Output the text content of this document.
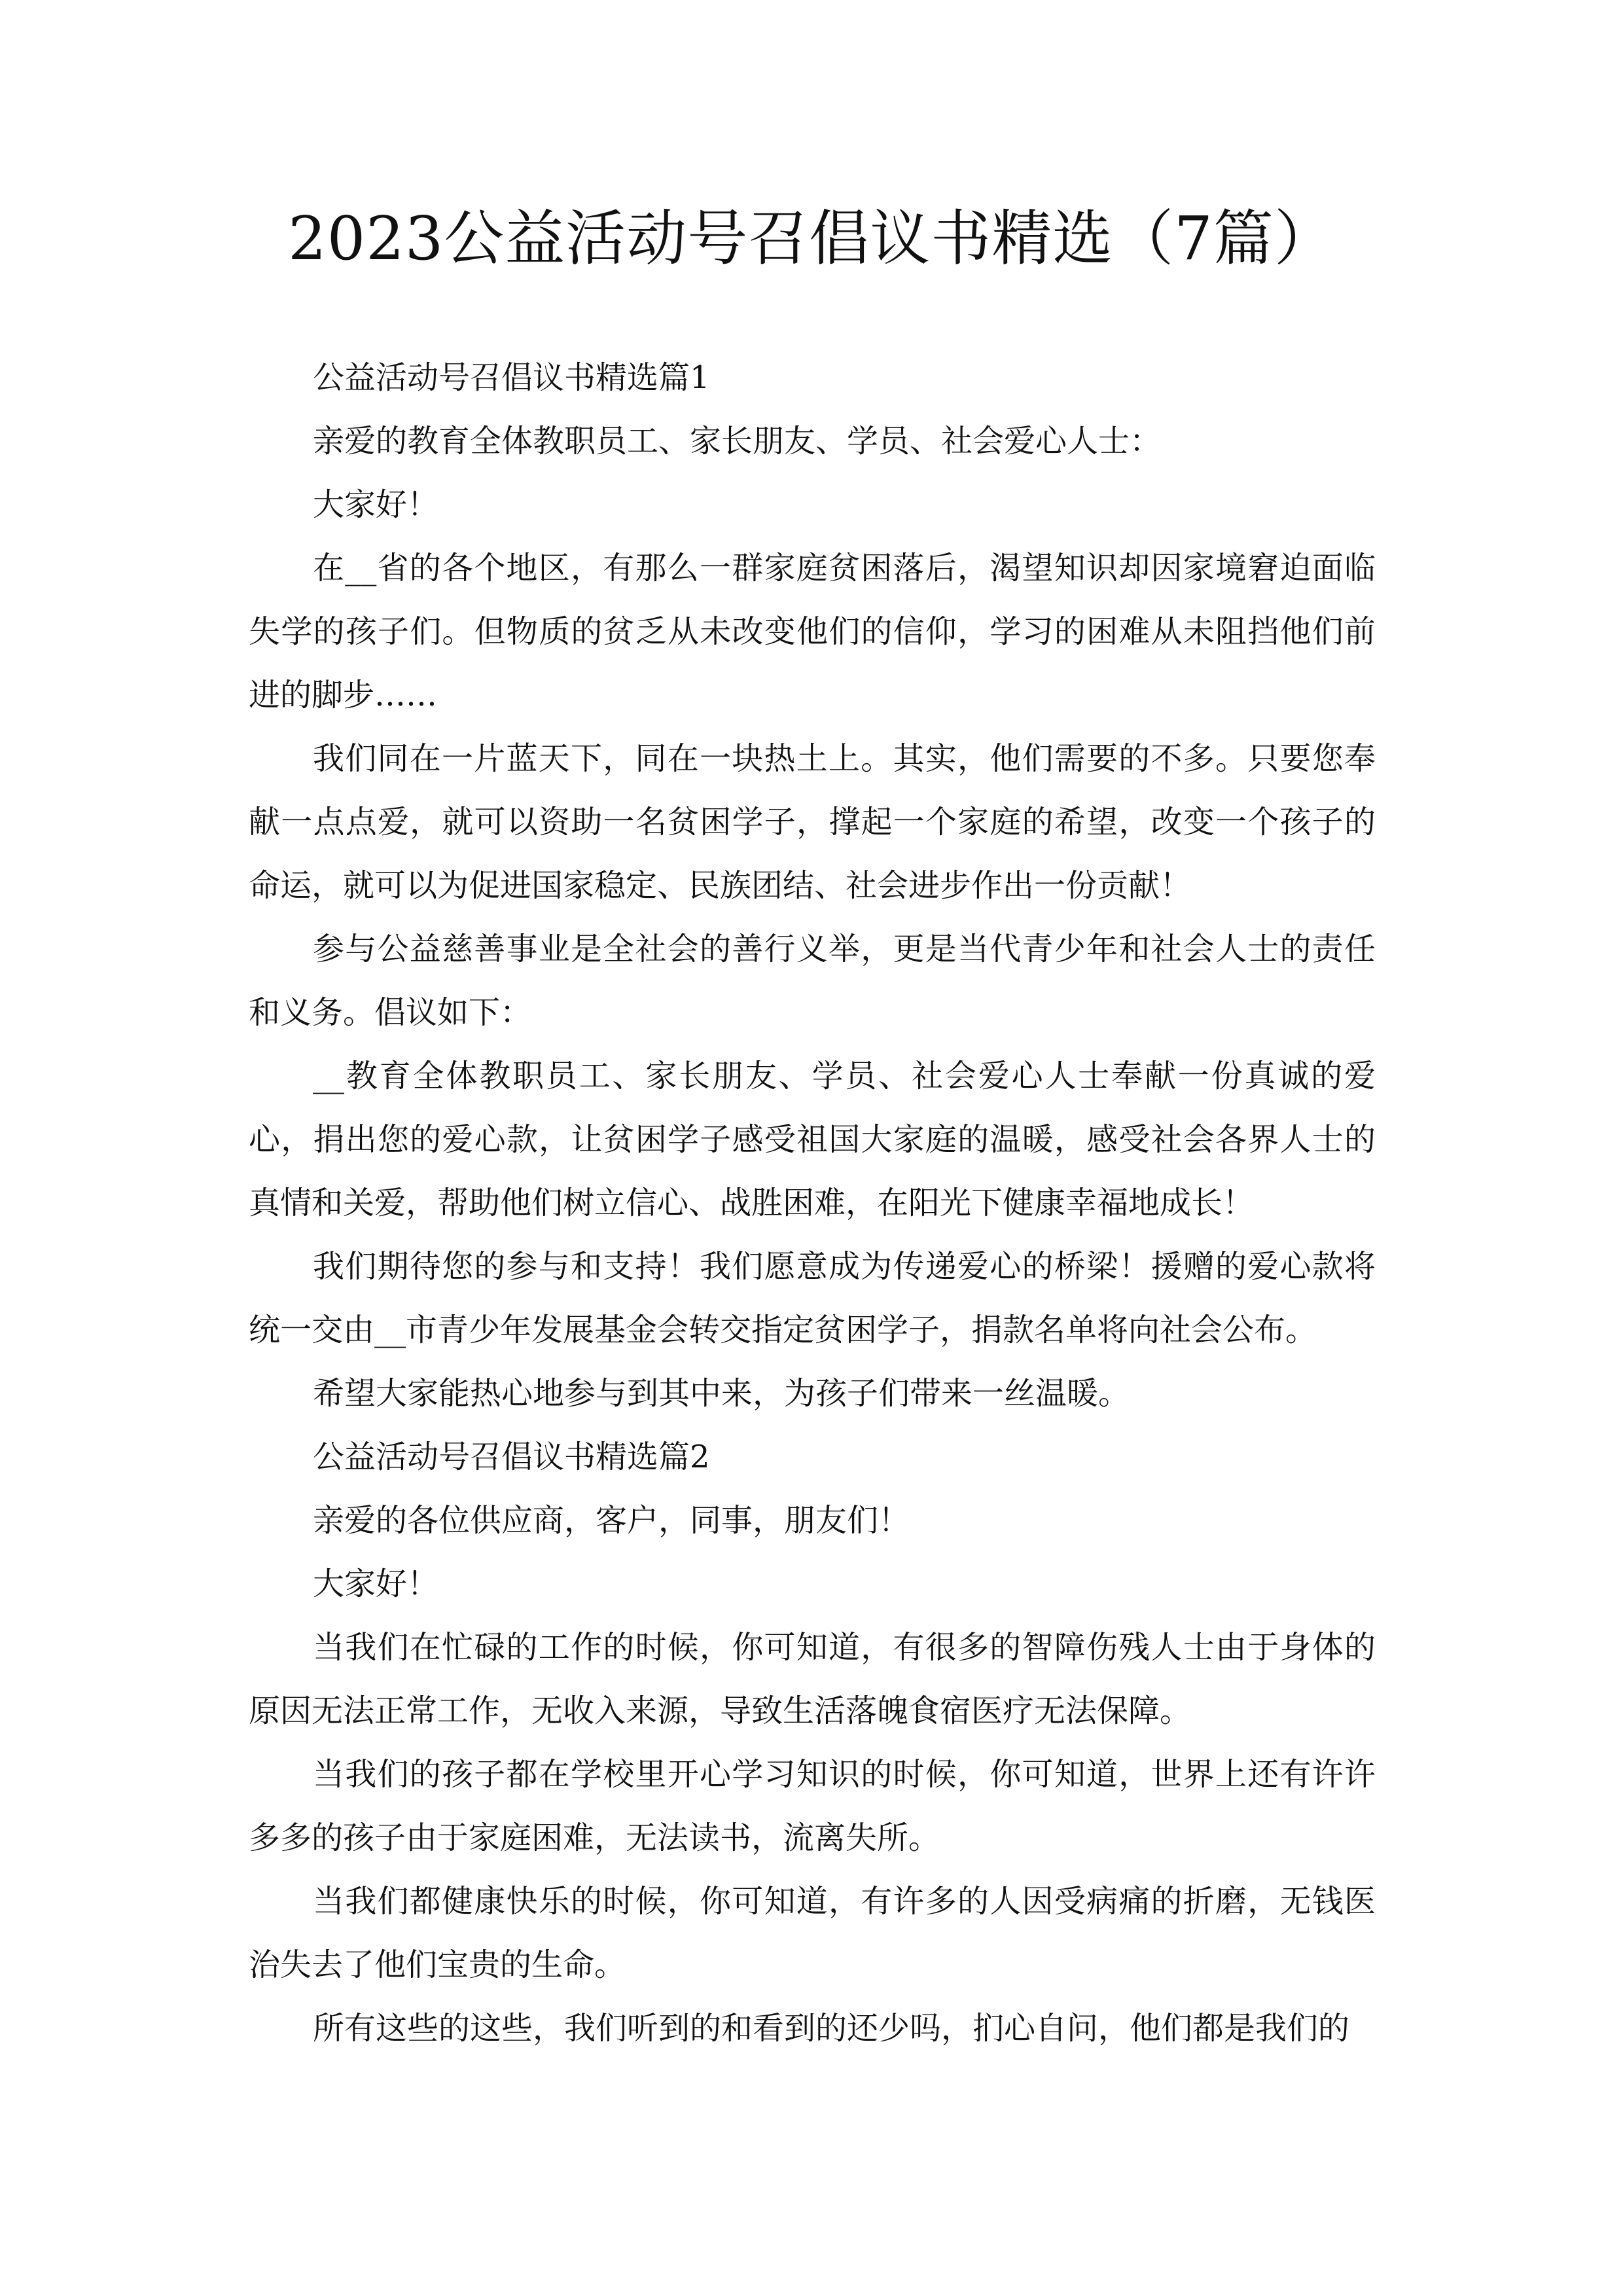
2023公益活动号召倡议书精选（7篇）

公益活动号召倡议书精选篇1

亲爱的教育全体教职员工、家长朋友、学员、社会爱心人士：

大家好！

在__省的各个地区，有那么一群家庭贫困落后，渴望知识却因家境窘迫面临失学的孩子们。但物质的贫乏从未改变他们的信仰，学习的困难从未阻挡他们前进的脚步……

我们同在一片蓝天下，同在一块热土上。其实，他们需要的不多。只要您奉献一点点爱，就可以资助一名贫困学子，撑起一个家庭的希望，改变一个孩子的命运，就可以为促进国家稳定、民族团结、社会进步作出一份贡献！

参与公益慈善事业是全社会的善行义举，更是当代青少年和社会人士的责任和义务。倡议如下：

__教育全体教职员工、家长朋友、学员、社会爱心人士奉献一份真诚的爱心，捐出您的爱心款，让贫困学子感受祖国大家庭的温暖，感受社会各界人士的真情和关爱，帮助他们树立信心、战胜困难，在阳光下健康幸福地成长！

我们期待您的参与和支持！我们愿意成为传递爱心的桥梁！援赠的爱心款将统一交由__市青少年发展基金会转交指定贫困学子，捐款名单将向社会公布。

希望大家能热心地参与到其中来，为孩子们带来一丝温暖。

公益活动号召倡议书精选篇2

亲爱的各位供应商，客户，同事，朋友们！

大家好！

当我们在忙碌的工作的时候，你可知道，有很多的智障伤残人士由于身体的原因无法正常工作，无收入来源，导致生活落魄食宿医疗无法保障。

当我们的孩子都在学校里开心学习知识的时候，你可知道，世界上还有许许多多的孩子由于家庭困难，无法读书，流离失所。

当我们都健康快乐的时候，你可知道，有许多的人因受病痛的折磨，无钱医治失去了他们宝贵的生命。

所有这些的这些，我们听到的和看到的还少吗，扪心自问，他们都是我们的
